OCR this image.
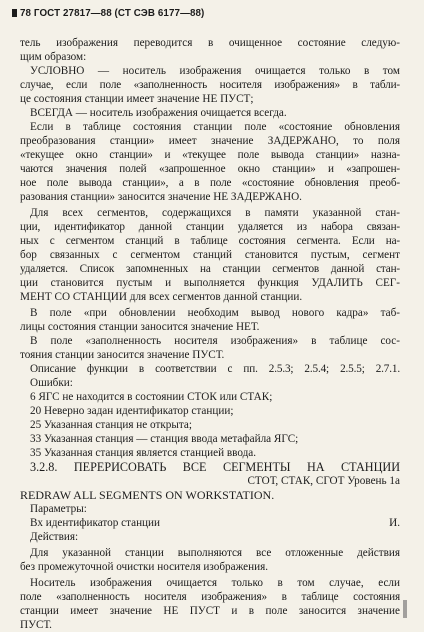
78 ГОСТ 27817—88 (СТ СЭВ 6177—88)
тель изображения переводится в очищенное состояние следую-
щим образом:
УСЛОВНО — носитель изображения очищается только в том
случае, если поле «заполненность носителя изображения» в табли-
це состояния станции имеет значение НЕ ПУСТ;
ВСЕГДА — носитель изображения очищается всегда.
Если в таблице состояния станции поле «состояние обновления
преобразования станции» имеет значение ЗАДЕРЖАНО, то поля
«текущее окно станции» и «текущее поле вывода станции» назна-
чаются значения полей «запрошенное окно станции» и «запрошен-
ное поле вывода станции», а в поле «состояние обновления преоб-
разования станции» заносится значение НЕ ЗАДЕРЖАНО.
Для всех сегментов, содержащихся в памяти указанной стан-
ции, идентификатор данной станции удаляется из набора связан-
ных с сегментом станций в таблице состояния сегмента. Если на-
бор связанных с сегментом станций становится пустым, сегмент
удаляется. Список запомненных на станции сегментов данной стан-
ции становится пустым и выполняется функция УДАЛИТЬ СЕГ-
МЕНТ СО СТАНЦИИ для всех сегментов данной станции.
В поле «при обновлении необходим вывод нового кадра» таб-
лицы состояния станции заносится значение НЕТ.
В поле «заполненность носителя изображения» в таблице сос-
тояния станции заносится значение ПУСТ.
Описание функции в соответствии с пп. 2.5.3; 2.5.4; 2.5.5; 2.7.1.
Ошибки:
6 ЯГС не находится в состоянии СТОК или СТАК;
20 Неверно задан идентификатор станции;
25 Указанная станция не открыта;
33 Указанная станция — станция ввода метафайла ЯГС;
35 Указанная станция является станцией ввода.
3.2.8. ПЕРЕРИСОВАТЬ ВСЕ СЕГМЕНТЫ НА СТАНЦИИ
СТОТ, СТАК, СГОТ Уровень 1а
REDRAW ALL SEGMENTS ON WORKSTATION.
Параметры:
Вх идентификатор станции	И.
Действия:
Для указанной станции выполняются все отложенные действия
без промежуточной очистки носителя изображения.
Носитель изображения очищается только в том случае, если
поле «заполненность носителя изображения» в таблице состояния
станции имеет значение НЕ ПУСТ и в поле заносится значение
ПУСТ.
